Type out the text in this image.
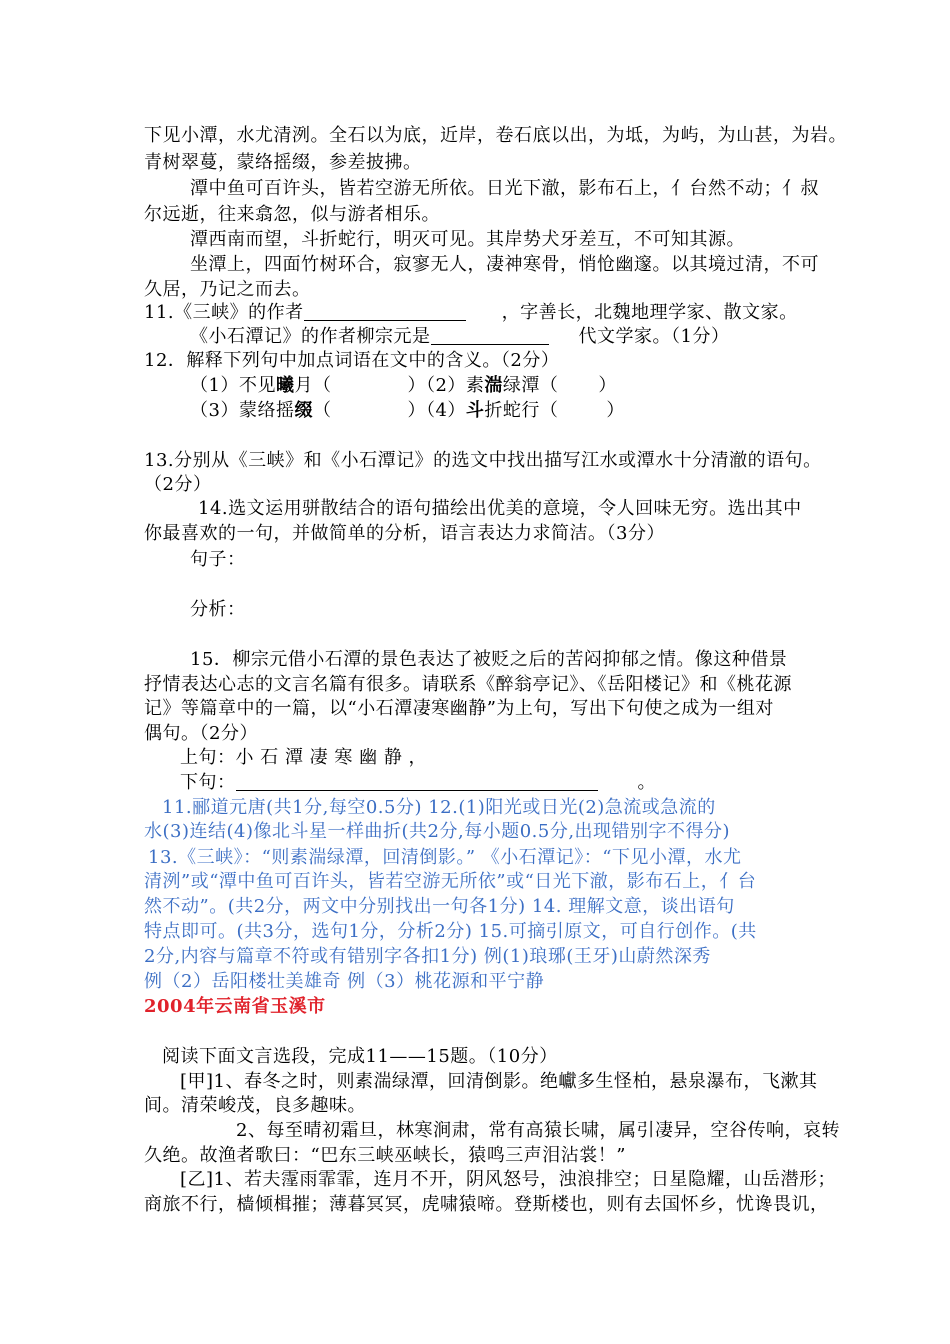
下见小潭，水尤清洌。全石以为底，近岸，卷石底以出，为坻，为屿，为山甚，为岩。
青树翠蔓，蒙络摇缀，参差披拂。
潭中鱼可百许头，皆若空游无所依。日光下澈，影布石上，亻台然不动；亻叔
尔远逝，往来翕忽，似与游者相乐。
潭西南而望，斗折蛇行，明灭可见。其岸势犬牙差互，不可知其源。
坐潭上，四面竹树环合，寂寥无人，凄神寒骨，悄怆幽邃。以其境过清，不可
久居，乃记之而去。
11.《三峡》的作者	，字善长，北魏地理学家、散文家。
《小石潭记》的作者柳宗元是	代文学家。（1分）
12．解释下列句中加点词语在文中的含义。（2分）
（1）不见曦月（	）（2）素湍绿潭（ ）
（3）蒙络摇缀（	）（4）斗折蛇行（	）
13.分别从《三峡》和《小石潭记》的选文中找出描写江水或潭水十分清澈的语句。
（2分）
14.选文运用骈散结合的语句描绘出优美的意境，令人回味无穷。选出其中
你最喜欢的一句，并做简单的分析，语言表达力求简洁。（3分）
句子：
分析：
15．柳宗元借小石潭的景色表达了被贬之后的苦闷抑郁之情。像这种借景
抒情表达心志的文言名篇有很多。请联系《醉翁亭记》、《岳阳楼记》和《桃花源
记》等篇章中的一篇，以“小石潭凄寒幽静”为上句，写出下句使之成为一组对
偶句。（2分）
上句：小 石 潭 凄 寒 幽 静 ，
下句：	。
11.郦道元唐(共1分,每空0.5分) 12.(1)阳光或日光(2)急流或急流的
水(3)连结(4)像北斗星一样曲折(共2分,每小题0.5分,出现错别字不得分)
13.《三峡》：“则素湍绿潭，回清倒影。” 《小石潭记》：“下见小潭，水尤
清洌”或“潭中鱼可百许头，皆若空游无所依”或“日光下澈，影布石上，亻台
然不动”。(共2分，两文中分别找出一句各1分) 14. 理解文意，谈出语句
特点即可。(共3分，选句1分，分析2分) 15.可摘引原文，可自行创作。(共
2分,内容与篇章不符或有错别字各扣1分) 例(1)琅琊(王牙)山蔚然深秀
例（2）岳阳楼壮美雄奇 例（3）桃花源和平宁静
2004年云南省玉溪市
阅读下面文言选段，完成11——15题。（10分）
[甲]1、春冬之时，则素湍绿潭，回清倒影。绝巘多生怪柏，悬泉瀑布，飞漱其
间。清荣峻茂，良多趣味。
2、每至晴初霜旦，林寒涧肃，常有高猿长啸，属引凄异，空谷传响，哀转
久绝。故渔者歌曰：“巴东三峡巫峡长，猿鸣三声泪沾裳！”
[乙]1、若夫霪雨霏霏，连月不开，阴风怒号，浊浪排空；日星隐耀，山岳潜形；
商旅不行，樯倾楫摧；薄暮冥冥，虎啸猿啼。登斯楼也，则有去国怀乡，忧谗畏讥，
